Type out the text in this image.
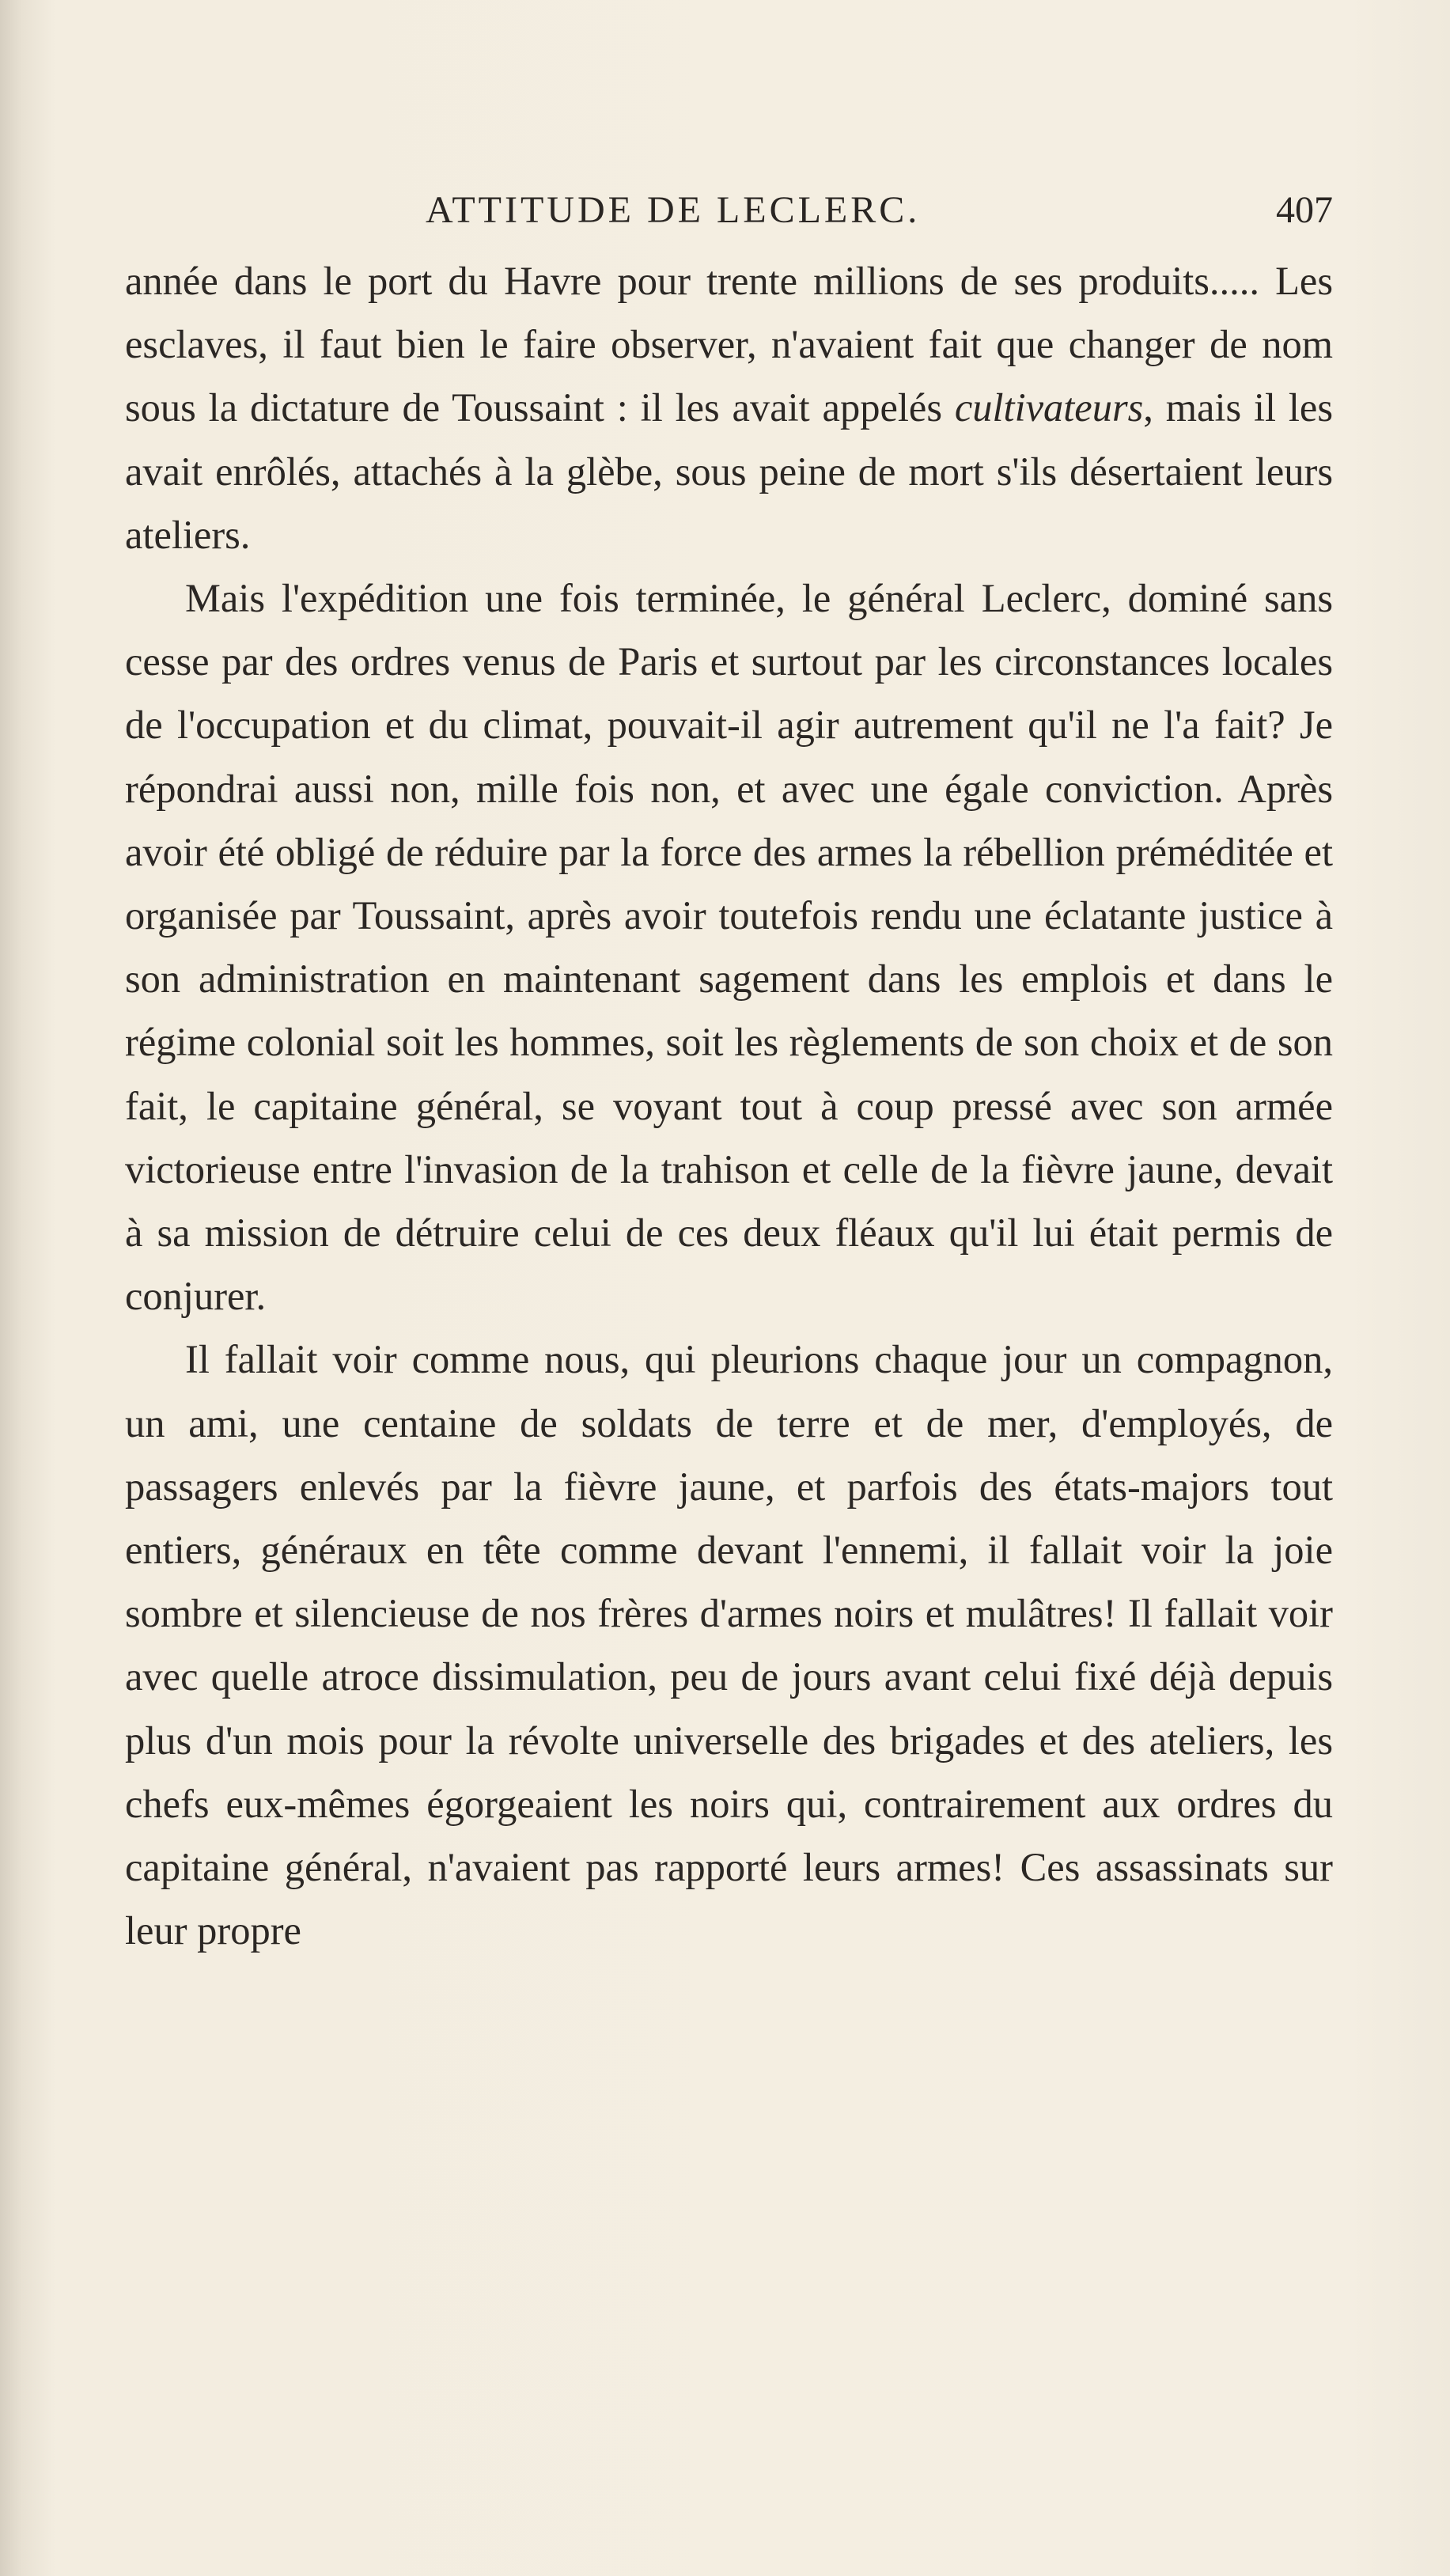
ATTITUDE DE LECLERC.	407

année dans le port du Havre pour trente millions de ses produits..... Les esclaves, il faut bien le faire observer, n'avaient fait que changer de nom sous la dictature de Toussaint : il les avait appelés cultivateurs, mais il les avait enrôlés, attachés à la glèbe, sous peine de mort s'ils désertaient leurs ateliers.

Mais l'expédition une fois terminée, le général Leclerc, dominé sans cesse par des ordres venus de Paris et surtout par les circonstances locales de l'occupation et du climat, pouvait-il agir autrement qu'il ne l'a fait? Je répondrai aussi non, mille fois non, et avec une égale conviction. Après avoir été obligé de réduire par la force des armes la rébellion préméditée et organisée par Toussaint, après avoir toutefois rendu une éclatante justice à son administration en maintenant sagement dans les emplois et dans le régime colonial soit les hommes, soit les règlements de son choix et de son fait, le capitaine général, se voyant tout à coup pressé avec son armée victorieuse entre l'invasion de la trahison et celle de la fièvre jaune, devait à sa mission de détruire celui de ces deux fléaux qu'il lui était permis de conjurer.

Il fallait voir comme nous, qui pleurions chaque jour un compagnon, un ami, une centaine de soldats de terre et de mer, d'employés, de passagers enlevés par la fièvre jaune, et parfois des états-majors tout entiers, généraux en tête comme devant l'ennemi, il fallait voir la joie sombre et silencieuse de nos frères d'armes noirs et mulâtres! Il fallait voir avec quelle atroce dissimulation, peu de jours avant celui fixé déjà depuis plus d'un mois pour la révolte universelle des brigades et des ateliers, les chefs eux-mêmes égorgeaient les noirs qui, contrairement aux ordres du capitaine général, n'avaient pas rapporté leurs armes! Ces assassinats sur leur propre
